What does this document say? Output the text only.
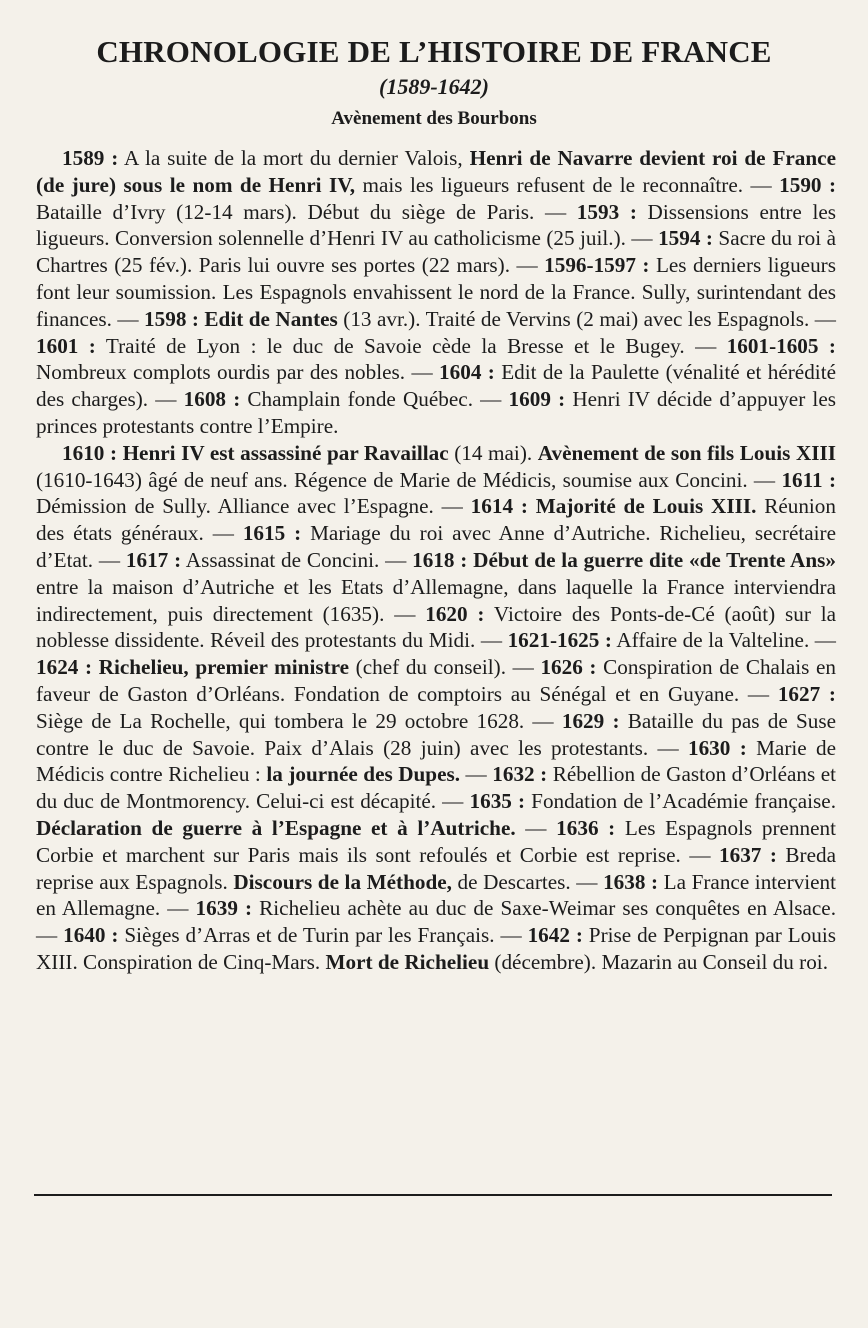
CHRONOLOGIE DE L’HISTOIRE DE FRANCE
(1589-1642)
Avènement des Bourbons

1589 : A la suite de la mort du dernier Valois, Henri de Navarre devient roi de France (de jure) sous le nom de Henri IV, mais les ligueurs refusent de le reconnaître. — 1590 : Bataille d’Ivry (12-14 mars). Début du siège de Paris. — 1593 : Dissensions entre les ligueurs. Conversion solennelle d’Henri IV au catholicisme (25 juil.). — 1594 : Sacre du roi à Chartres (25 fév.). Paris lui ouvre ses portes (22 mars). — 1596-1597 : Les derniers ligueurs font leur soumission. Les Espagnols envahissent le nord de la France. Sully, surintendant des finances. — 1598 : Edit de Nantes (13 avr.). Traité de Vervins (2 mai) avec les Espagnols. — 1601 : Traité de Lyon : le duc de Savoie cède la Bresse et le Bugey. — 1601-1605 : Nombreux complots ourdis par des nobles. — 1604 : Edit de la Paulette (vénalité et hérédité des charges). — 1608 : Champlain fonde Québec. — 1609 : Henri IV décide d’appuyer les princes protestants contre l’Empire.

1610 : Henri IV est assassiné par Ravaillac (14 mai). Avènement de son fils Louis XIII (1610-1643) âgé de neuf ans. Régence de Marie de Médicis, soumise aux Concini. — 1611 : Démission de Sully. Alliance avec l’Espagne. — 1614 : Majorité de Louis XIII. Réunion des états généraux. — 1615 : Mariage du roi avec Anne d’Autriche. Richelieu, secrétaire d’Etat. — 1617 : Assassinat de Concini. — 1618 : Début de la guerre dite «de Trente Ans» entre la maison d’Autriche et les Etats d’Allemagne, dans laquelle la France interviendra indirectement, puis directement (1635). — 1620 : Victoire des Ponts-de-Cé (août) sur la noblesse dissidente. Réveil des protestants du Midi. — 1621-1625 : Affaire de la Valteline. — 1624 : Richelieu, premier ministre (chef du conseil). — 1626 : Conspiration de Chalais en faveur de Gaston d’Orléans. Fondation de comptoirs au Sénégal et en Guyane. — 1627 : Siège de La Rochelle, qui tombera le 29 octobre 1628. — 1629 : Bataille du pas de Suse contre le duc de Savoie. Paix d’Alais (28 juin) avec les protestants. — 1630 : Marie de Médicis contre Richelieu : la journée des Dupes. — 1632 : Rébellion de Gaston d’Orléans et du duc de Montmorency. Celui-ci est décapité. — 1635 : Fondation de l’Académie française. Déclaration de guerre à l’Espagne et à l’Autriche. — 1636 : Les Espagnols prennent Corbie et marchent sur Paris mais ils sont refoulés et Corbie est reprise. — 1637 : Breda reprise aux Espagnols. Discours de la Méthode, de Descartes. — 1638 : La France intervient en Allemagne. — 1639 : Richelieu achète au duc de Saxe-Weimar ses conquêtes en Alsace. — 1640 : Sièges d’Arras et de Turin par les Français. — 1642 : Prise de Perpignan par Louis XIII. Conspiration de Cinq-Mars. Mort de Richelieu (décembre). Mazarin au Conseil du roi.
